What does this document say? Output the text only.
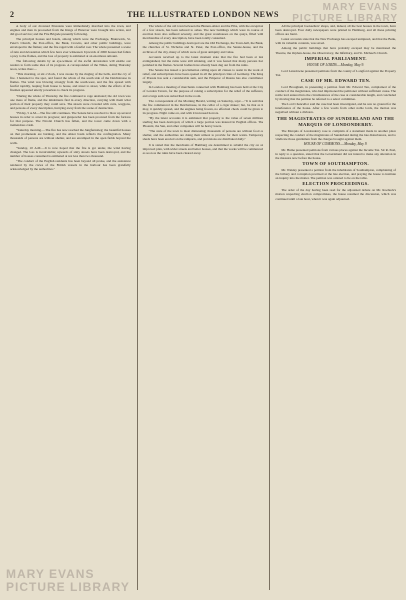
2	THE ILLUSTRATED LONDON NEWS

A body of our drowned Prussians were immediately marched into the town, and engines and men in proceeded from the Kings of Hanover were brought into action, and did good service; and the Fire Brigade presently following.

The principal houses and hotels, among which were the Exchange, Brunswick, St. Peter's Church, the Post-office, the Bank, Crowns, and other public buildings, were enveloped in the flames; and the fire raged with a fearful roar. The whole presented a scene of ruin and devastation which few have ever witnessed. Upwards of 2000 houses had fallen a prey to the flames, and the loss of property is estimated at an enormous amount.

The following details by an eye-witness of the awful devastation will enable our readers to form some idea of its progress. A correspondent of the Times, dating Thursday noon, writes thus:—

"This morning, at six o'clock, I was awoke by the ringing of the bells, and the cry of fire. I hastened to the spot, and found the whole of the south side of the Deichstrasse in flames. The wind was blowing strongly from the south-west, and the fire spread with fearful rapidity, leaping from house to house, and street to street, while the efforts of the firemen appeared utterly powerless to check its progress.

"During the whole of Thursday the fire continued to rage unabated; the old town was one mass of flame, and the inhabitants fled in every direction, carrying with them what portion of their property they could save. The streets were crowded with carts, waggons, and persons of every description, hurrying away from the scene of destruction.

"Friday, 5 A.M.—The fire still continues. The Senate have resolved to blow up several houses in order to arrest its progress; and gunpowder has been procured from the fortress for that purpose. The Nicolai Church has fallen, and the tower came down with a tremendous crash.

"Saturday morning.—The fire has now reached the Jungfernstieg; the beautiful houses on that promenade are burning, and the Alster basin reflects the conflagration. Many thousands of persons are without shelter, and are encamped in the open fields beyond the walls.

"Sunday, 10 A.M.—It is now hoped that the fire is got under, the wind having changed. The loss is incalculable; upwards of sixty streets have been destroyed, and the number of houses consumed is estimated at not less than two thousand.

"The conduct of the English residents has been beyond all praise, and the assistance rendered by the crews of the British vessels in the harbour has been gratefully acknowledged by the authorities."

The whole of the old town between the Binnen-Alster and the Elbe, with the exception of a few streets, has been reduced to ashes. The new buildings which were in course of erection have also suffered severely, and the great warehouses on the quays, filled with merchandise of every description, have been totally consumed.

Among the public buildings destroyed are the Old Exchange, the Town-hall, the Bank, the churches of St. Nicholas and St. Peter, the Post-office, the Senate-house, and the archives of the city, many of which were of great antiquity and value.

Accounts received up to the latest moment state that the fire had been at last extinguished, but the ruins were still smoking, and it was feared that many persons had perished in the flames. Several bodies have already been dug out from the ruins.

The Senate has issued a proclamation calling upon all classes to assist in the work of relief, and subscriptions have been opened in all the principal cities of Germany. The King of Prussia has sent a considerable sum, and the Emperor of Russia has also contributed largely.

In London a meeting of merchants connected with Hamburg has been held at the City of London Tavern, for the purpose of raising a subscription for the relief of the sufferers, and a large sum was subscribed in the room.

The correspondent of the Morning Herald, writing on Saturday, says:—"It is said that the fire commenced in the Deichstrasse, in the cellar of a cigar maker; but, be that as it may, it quickly spread, and the engines being frozen, no effectual check could be given to its progress. Night came on, and with it increased horrors.

"By the latest accounts it is estimated that property to the value of seven millions sterling has been destroyed, of which a large portion was insured in English offices. The Phoenix, the Sun, and other companies will be heavy losers.

"The state of the town is most distressing; thousands of persons are without food or shelter, and the authorities are doing their utmost to provide for their wants. Temporary sheds have been erected on the ramparts, and provisions are distributed daily."

It is stated that the merchants of Hamburg are determined to rebuild the city on an improved plan, with wider streets and better houses, and that the works will be commenced as soon as the ruins have been cleared away.

All the principal booksellers' shops, and, indeed, all the best houses in the town, have been destroyed. Four daily newspapers were printed in Hamburg, and all these printing offices are burnt.

Latest accounts state that the New Exchange has escaped uninjured, and that the Bank, with its valuable contents, was saved.

Among the public buildings that have probably escaped may be mentioned the Theatre, the Orphan-house, the Observatory, the Infirmary, and St. Michael's Church.

IMPERIAL PARLIAMENT.

HOUSE OF LORDS.—Monday, May 9.

Lord Lansdowne presented petitions from the county of Longford against the Property Tax.

CASE OF MR. EDWARD TEN.

Lord Brougham, in presenting a petition from Mr. Edward Ten, complained of the conduct of the magistrates, who had imprisoned the petitioner without sufficient cause. The noble lord entered into the circumstances of the case at considerable length, and concluded by moving that the petition be referred to a select committee.

The Lord Chancellor said the case had been investigated, and he saw no ground for the interference of the house. After a few words from other noble lords, the motion was negatived without a division.

THE MAGISTRATES OF SUNDERLAND AND THE MARQUIS OF LONDONDERRY.

The Marquis of Londonderry rose to complain of a statement made in another place respecting the conduct of the magistrates of Sunderland during the late disturbances, and to vindicate those gentlemen from the charges brought against them.

HOUSE OF COMMONS.—Monday, May 9.

Mr. Hume presented petitions from various places against the Income Tax. Sir R. Peel, in reply to a question, stated that the Government did not intend to make any alteration in the measure now before the house.

TOWN OF SOUTHAMPTON.

Mr. Wakley presented a petition from the inhabitants of Southampton, complaining of the bribery and corruption practised at the late election, and praying the house to institute an inquiry into the matter. The petition was ordered to lie on the table.

ELECTION PROCEEDINGS.

The order of the day having been read for the adjourned debate on Mr. Roebuck's motion respecting election compromises, the house resumed the discussion, which was continued until a late hour, when it was again adjourned.

MARY EVANS
PICTURE LIBRARY
MARY EVANS
PICTURE LIBRARY
